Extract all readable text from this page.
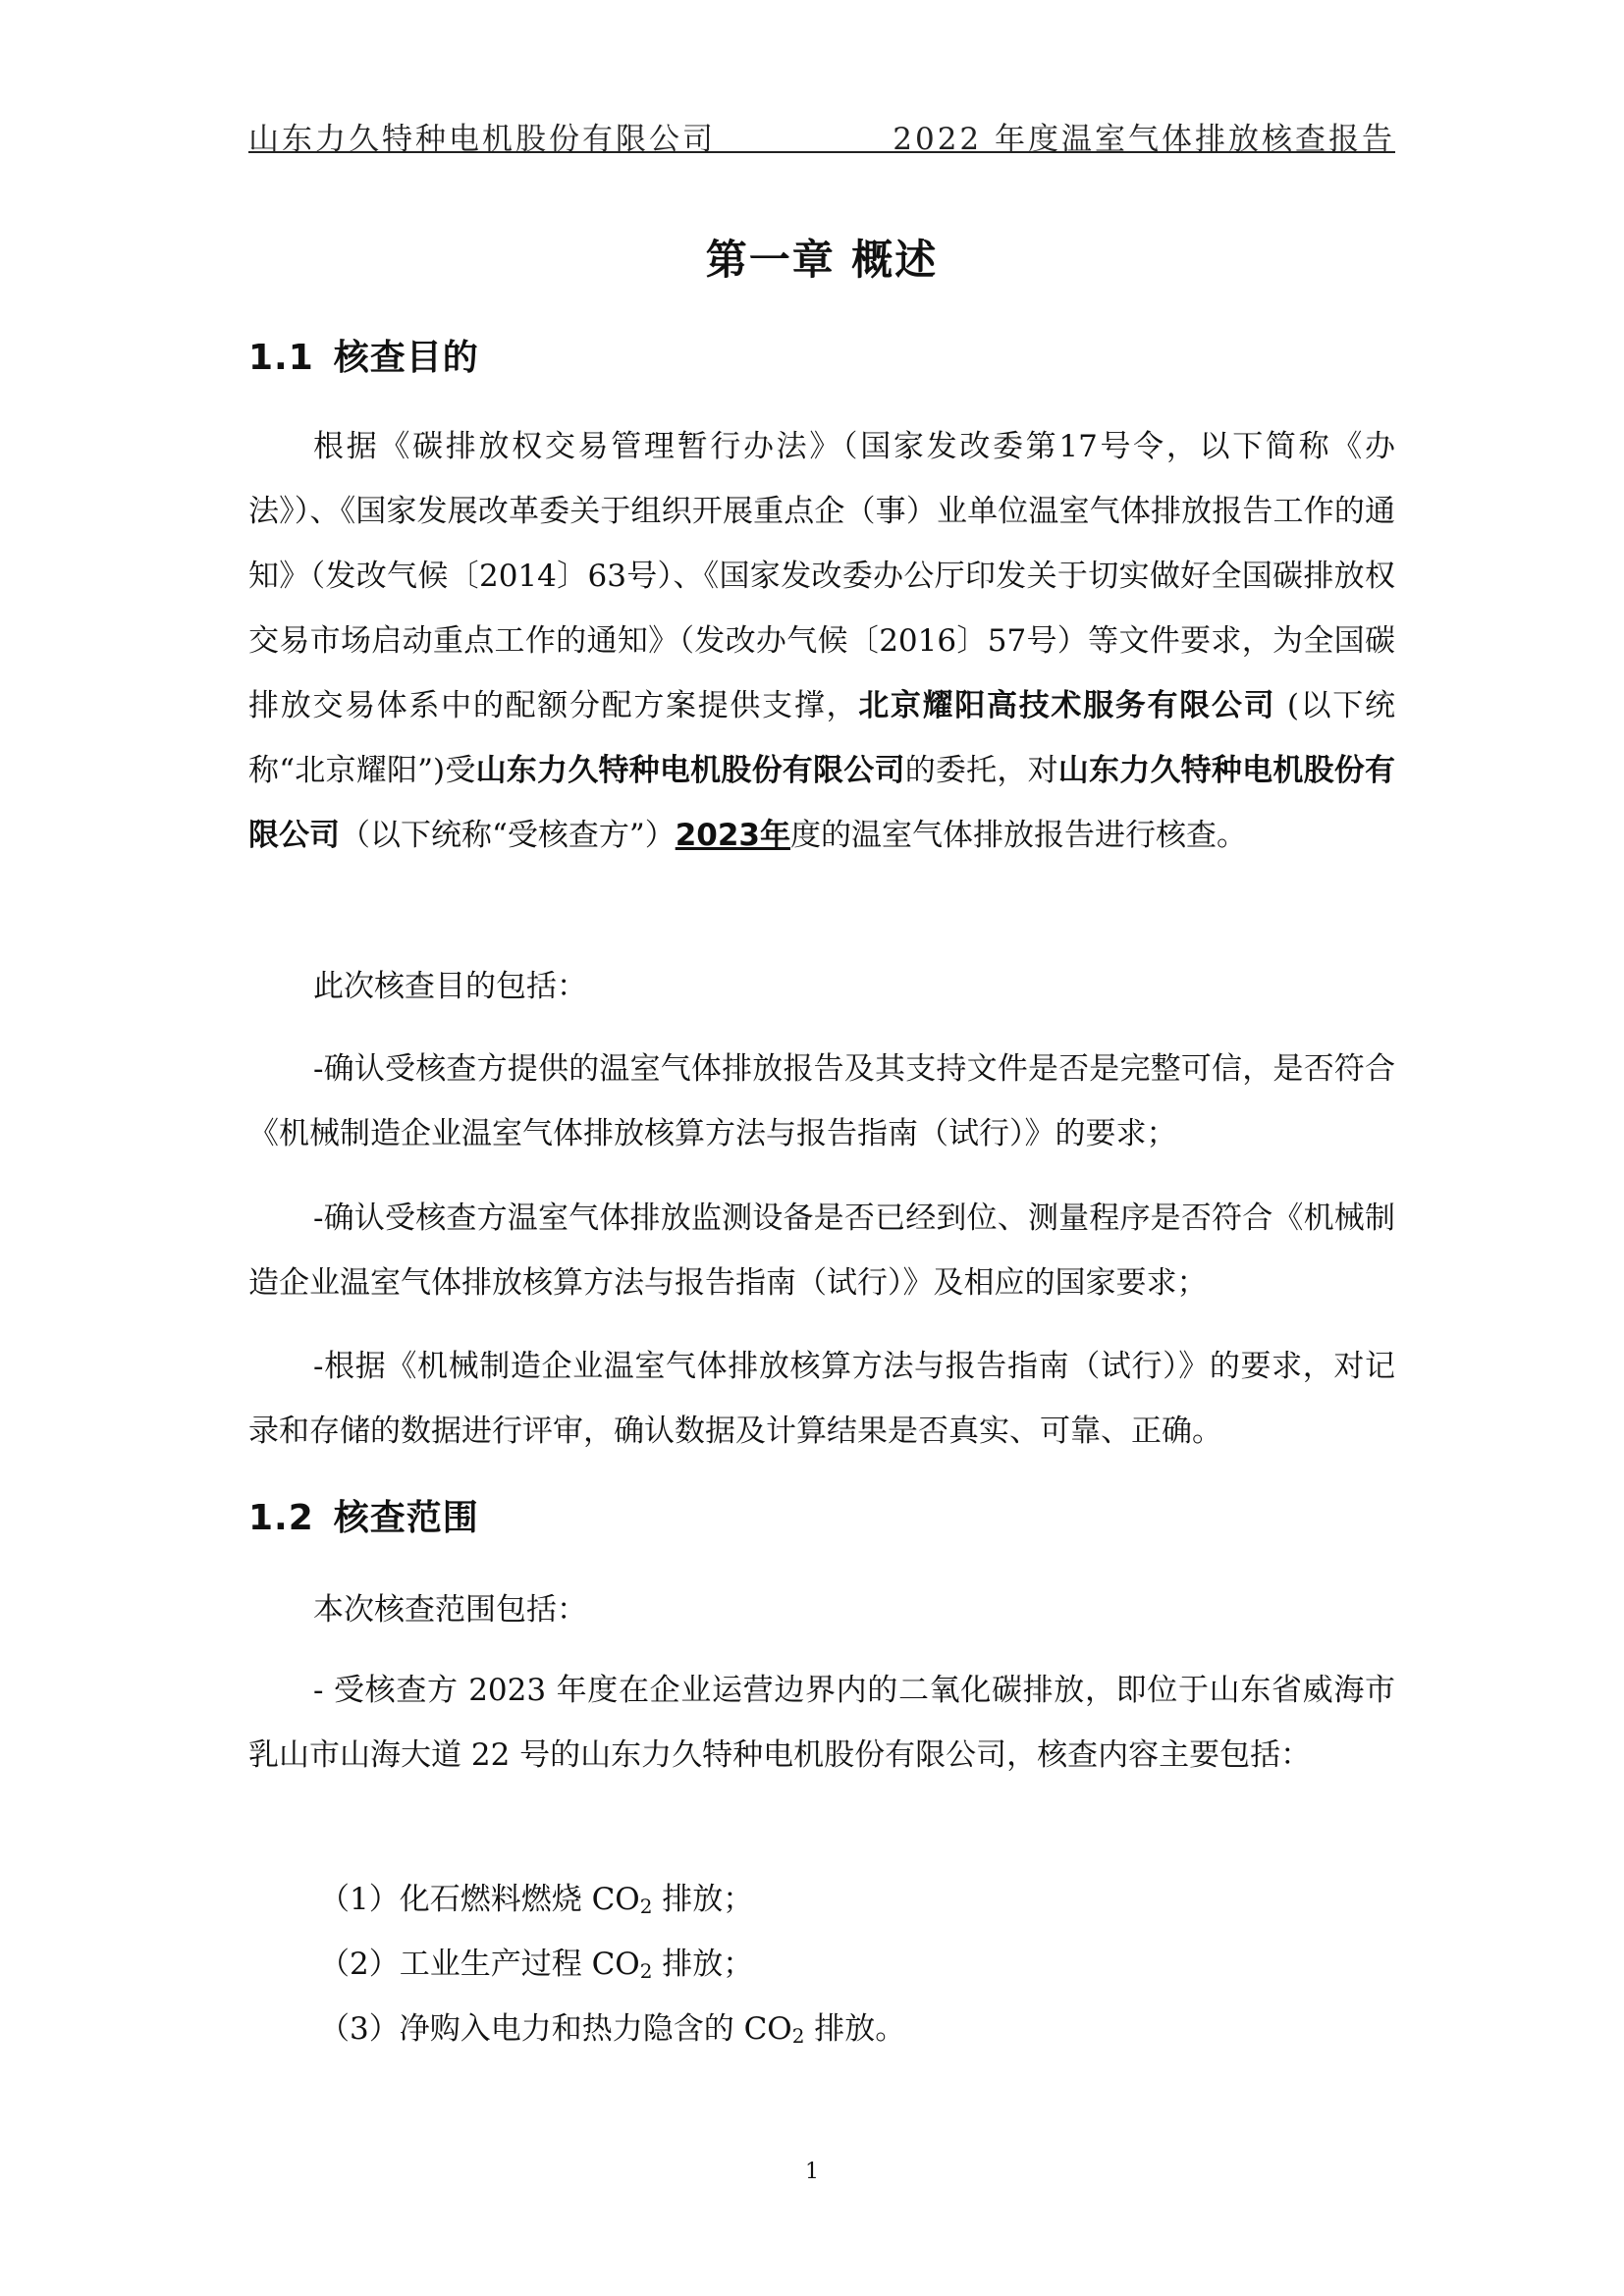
山东力久特种电机股份有限公司	2022 年度温室气体排放核查报告
第一章 概述
1.1 核查目的

根据《碳排放权交易管理暂行办法》（国家发改委第17号令，以下简称《办法》）、《国家发展改革委关于组织开展重点企（事）业单位温室气体排放报告工作的通知》（发改气候〔2014〕63号）、《国家发改委办公厅印发关于切实做好全国碳排放权交易市场启动重点工作的通知》（发改办气候〔2016〕57号）等文件要求，为全国碳排放交易体系中的配额分配方案提供支撑，北京耀阳高技术服务有限公司 (以下统称“北京耀阳”)受山东力久特种电机股份有限公司的委托，对山东力久特种电机股份有限公司（以下统称“受核查方”）2023年度的温室气体排放报告进行核查。

此次核查目的包括：

-确认受核查方提供的温室气体排放报告及其支持文件是否是完整可信，是否符合《机械制造企业温室气体排放核算方法与报告指南（试行）》的要求；

-确认受核查方温室气体排放监测设备是否已经到位、测量程序是否符合《机械制造企业温室气体排放核算方法与报告指南（试行）》及相应的国家要求；

-根据《机械制造企业温室气体排放核算方法与报告指南（试行）》的要求，对记录和存储的数据进行评审，确认数据及计算结果是否真实、可靠、正确。

1.2 核查范围

本次核查范围包括：

- 受核查方 2023 年度在企业运营边界内的二氧化碳排放，即位于山东省威海市乳山市山海大道 22 号的山东力久特种电机股份有限公司，核查内容主要包括：

（1）化石燃料燃烧 $CO_2$ 排放；
（2）工业生产过程 $CO_2$ 排放；
（3）净购入电力和热力隐含的 $CO_2$ 排放。
1
